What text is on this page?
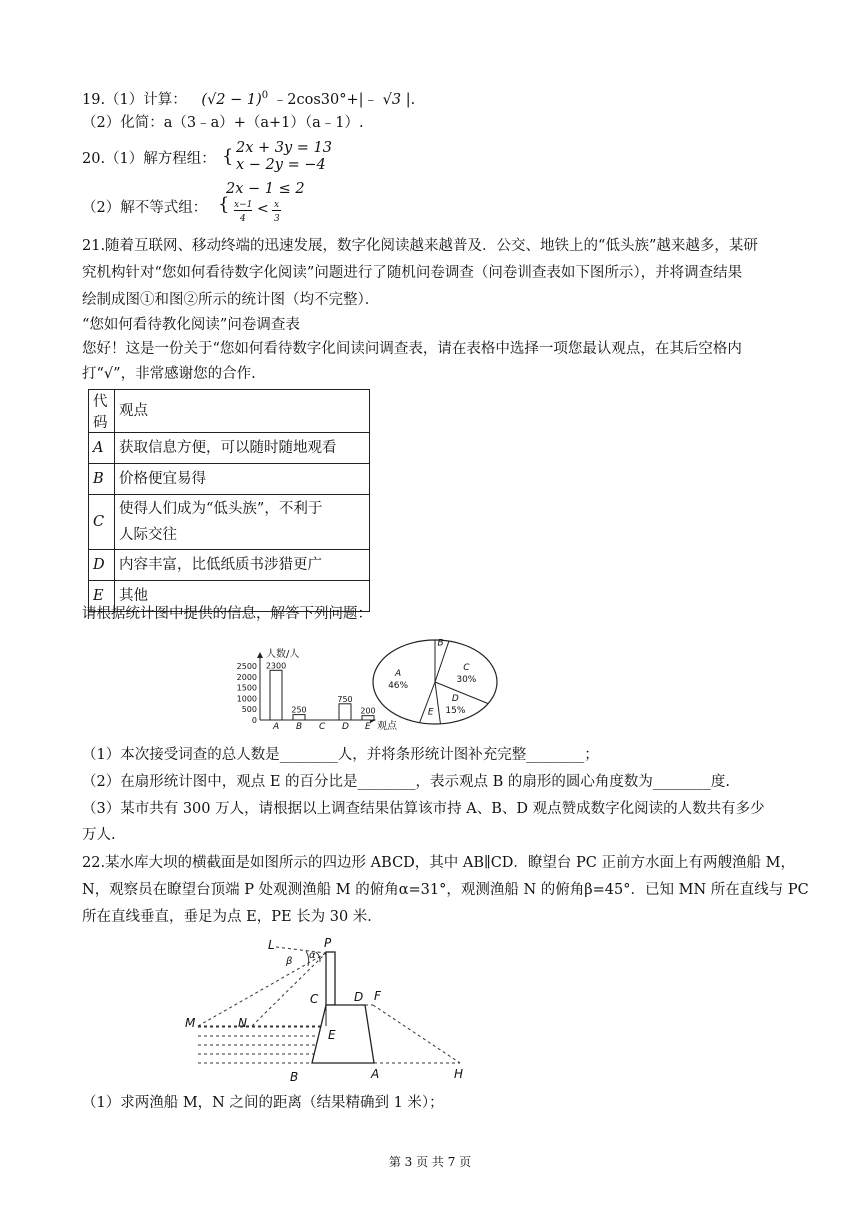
19.（1）计算： $(√2 - 1)^0$ ﹣2cos30°+|﹣ √3 |.
（2）化简：a（3﹣a）+（a+1）（a﹣1）.
20.（1）解方程组： { 2x + 3y = 13
x − 2y = −4
（2）解不等式组： {
2x − 1 ≤ 2
x−1
4
< x
3
21.随着互联网、移动终端的迅速发展，数字化阅读越来越普及．公交、地铁上的“低头族”越来越多，某研
究机构针对“您如何看待数字化阅读”问题进行了随机问卷调查（问卷训查表如下图所示），并将调查结果
绘制成图①和图②所示的统计图（均不完整）．
“您如何看待教化阅读”问卷调查表
您好！这是一份关于“您如何看待数字化间读问调查表，请在表格中选择一项您最认观点，在其后空格内
打“√”，非常感谢您的合作.
代码	观点
A	获取信息方便，可以随时随地观看
B	价格便宜易得
C	使得人们成为“低头族”，不利于
人际交往

D	内容丰富，比低纸质书涉猎更广
E	其他
请根据统计图中提供的信息，解答下列问题：
人数/人
观点
0
500
1000
1500
2000
2500
A
2300
B
250
C D
750
E
200
A
46%
B
C
30%
D
15%
E
（1）本次接受词查的总人数是________人，并将条形统计图补充完整________；
（2）在扇形统计图中，观点 E 的百分比是________，表示观点 B 的扇形的圆心角度数为________度.
（3）某市共有 300 万人，请根据以上调查结果估算该市持 A、B、D 观点赞成数字化阅读的人数共有多少
万人.
22.某水库大坝的横截面是如图所示的四边形 ABCD，其中 AB∥CD．瞭望台 PC 正前方水面上有两艘渔船 M，
N，观察员在瞭望台顶端 P 处观测渔船 M 的俯角α=31°，观测渔船 N 的俯角β=45°．已知 MN 所在直线与 PC
所在直线垂直，垂足为点 E，PE 长为 30 米．
L	P
α
β
C	D F
M	N
E
B	A	H
（1）求两渔船 M，N 之间的距离（结果精确到 1 米）；
第 3 页 共 7 页
